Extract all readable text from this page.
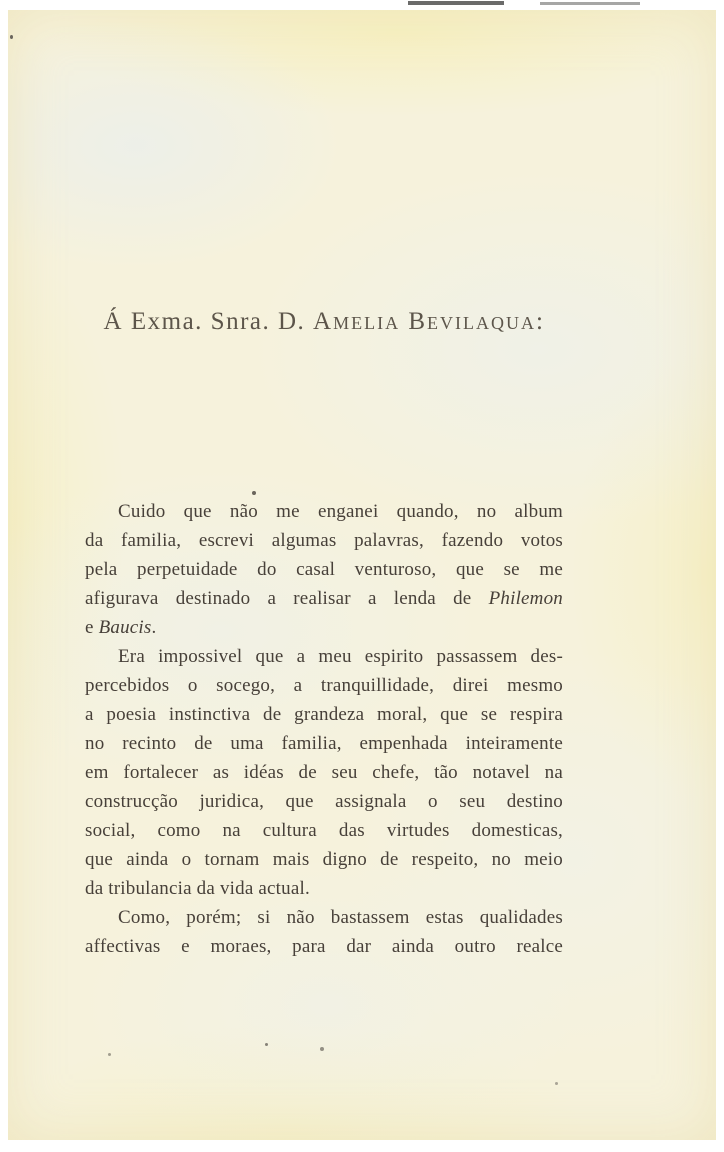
Á Exma. Snra. D. Amelia Bevilaqua:
Cuido que não me enganei quando, no album
da familia, escrevi algumas palavras, fazendo votos
pela perpetuidade do casal venturoso, que se me
afigurava destinado a realisar a lenda de Philemon
e Baucis.
Era impossivel que a meu espirito passassem des-
percebidos o socego, a tranquillidade, direi mesmo
a poesia instinctiva de grandeza moral, que se respira
no recinto de uma familia, empenhada inteiramente
em fortalecer as idéas de seu chefe, tão notavel na
construcção juridica, que assignala o seu destino
social, como na cultura das virtudes domesticas,
que ainda o tornam mais digno de respeito, no meio
da tribulancia da vida actual.
Como, porém; si não bastassem estas qualidades
affectivas e moraes, para dar ainda outro realce
